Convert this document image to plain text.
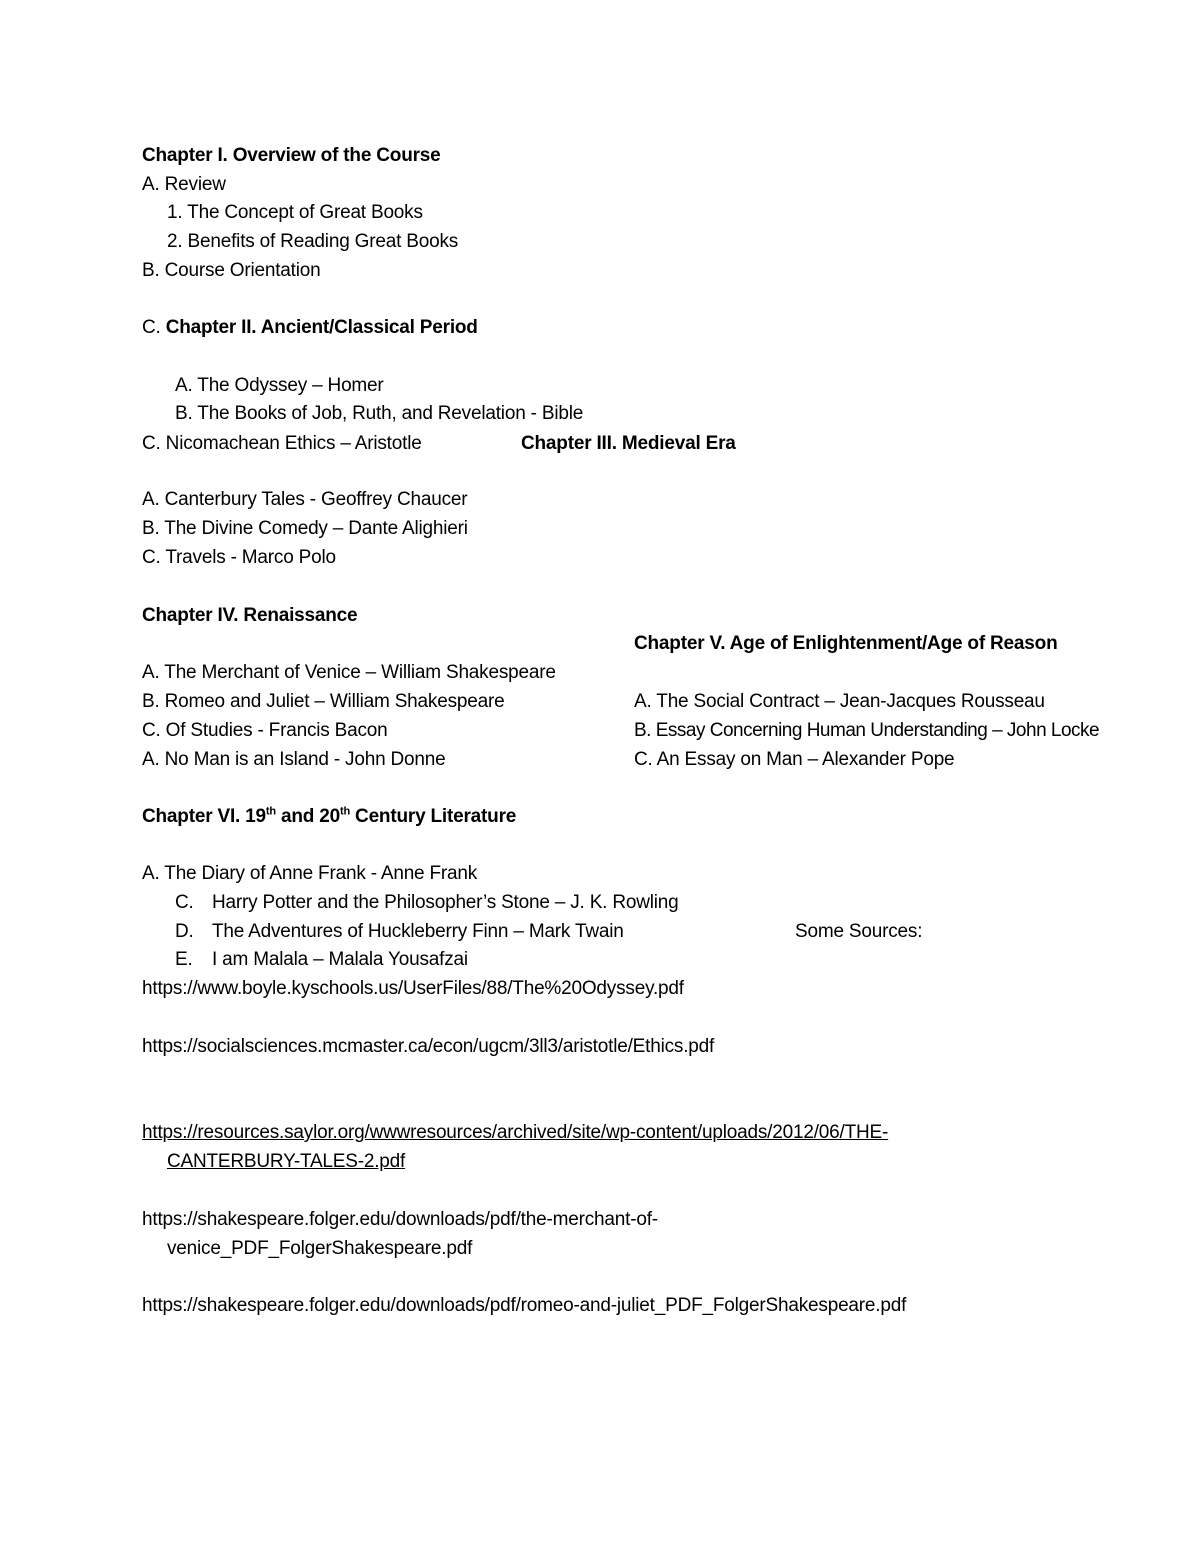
Chapter I. Overview of the Course
A. Review
1. The Concept of Great Books
2. Benefits of Reading Great Books
B. Course Orientation
C. Chapter II. Ancient/Classical Period
A. The Odyssey – Homer
B. The Books of Job, Ruth, and Revelation - Bible
C. Nicomachean Ethics – Aristotle	Chapter III. Medieval Era
A. Canterbury Tales - Geoffrey Chaucer
B. The Divine Comedy – Dante Alighieri
C. Travels - Marco Polo
Chapter IV. Renaissance
A. The Merchant of Venice – William Shakespeare
B. Romeo and Juliet – William Shakespeare
C. Of Studies - Francis Bacon
A. No Man is an Island - John Donne
Chapter V. Age of Enlightenment/Age of Reason
A. The Social Contract – Jean-Jacques Rousseau
B. Essay Concerning Human Understanding – John Locke
C. An Essay on Man – Alexander Pope
Chapter VI. 19th and 20th Century Literature
A. The Diary of Anne Frank - Anne Frank
C. Harry Potter and the Philosopher’s Stone – J. K. Rowling
D. The Adventures of Huckleberry Finn – Mark Twain
E. I am Malala – Malala Yousafzai
Some Sources:
https://www.boyle.kyschools.us/UserFiles/88/The%20Odyssey.pdf
https://socialsciences.mcmaster.ca/econ/ugcm/3ll3/aristotle/Ethics.pdf
https://resources.saylor.org/wwwresources/archived/site/wp-content/uploads/2012/06/THE-
CANTERBURY-TALES-2.pdf
https://shakespeare.folger.edu/downloads/pdf/the-merchant-of-
venice_PDF_FolgerShakespeare.pdf
https://shakespeare.folger.edu/downloads/pdf/romeo-and-juliet_PDF_FolgerShakespeare.pdf
